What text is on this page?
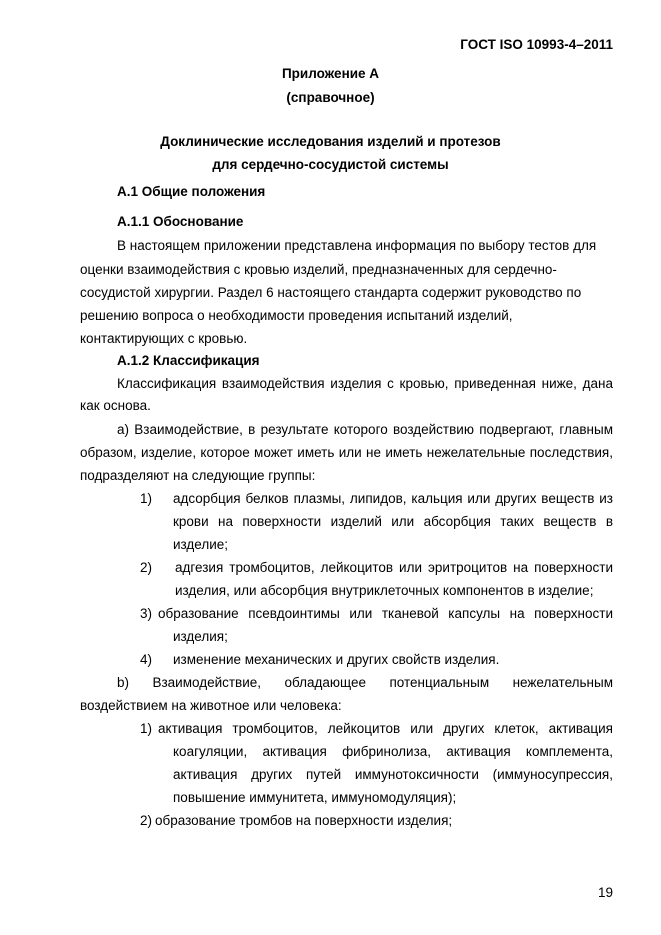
ГОСТ ISO 10993-4–2011
Приложение А
(справочное)
Доклинические исследования изделий и протезов
для сердечно-сосудистой системы
А.1 Общие положения
А.1.1 Обоснование
В настоящем приложении представлена информация по выбору тестов для
оценки взаимодействия с кровью изделий, предназначенных для сердечно-
сосудистой хирургии. Раздел 6 настоящего стандарта содержит руководство по
решению вопроса о необходимости проведения испытаний изделий,
контактирующих с кровью.
А.1.2 Классификация
Классификация взаимодействия изделия с кровью, приведенная ниже, дана
как основа.
a) Взаимодействие, в результате которого воздействию подвергают, главным
образом, изделие, которое может иметь или не иметь нежелательные последствия,
подразделяют на следующие группы:
1) адсорбция белков плазмы, липидов, кальция или других веществ из
крови на поверхности изделий или абсорбция таких веществ в
изделие;
2) адгезия тромбоцитов, лейкоцитов или эритроцитов на поверхности
изделия, или абсорбция внутриклеточных компонентов в изделие;
3) образование псевдоинтимы или тканевой капсулы на поверхности
изделия;
4) изменение механических и других свойств изделия.
b) Взаимодействие, обладающее потенциальным нежелательным
воздействием на животное или человека:
1) активация тромбоцитов, лейкоцитов или других клеток, активация
коагуляции, активация фибринолиза, активация комплемента,
активация других путей иммунотоксичности (иммуносупрессия,
повышение иммунитета, иммуномодуляция);
2) образование тромбов на поверхности изделия;
19
